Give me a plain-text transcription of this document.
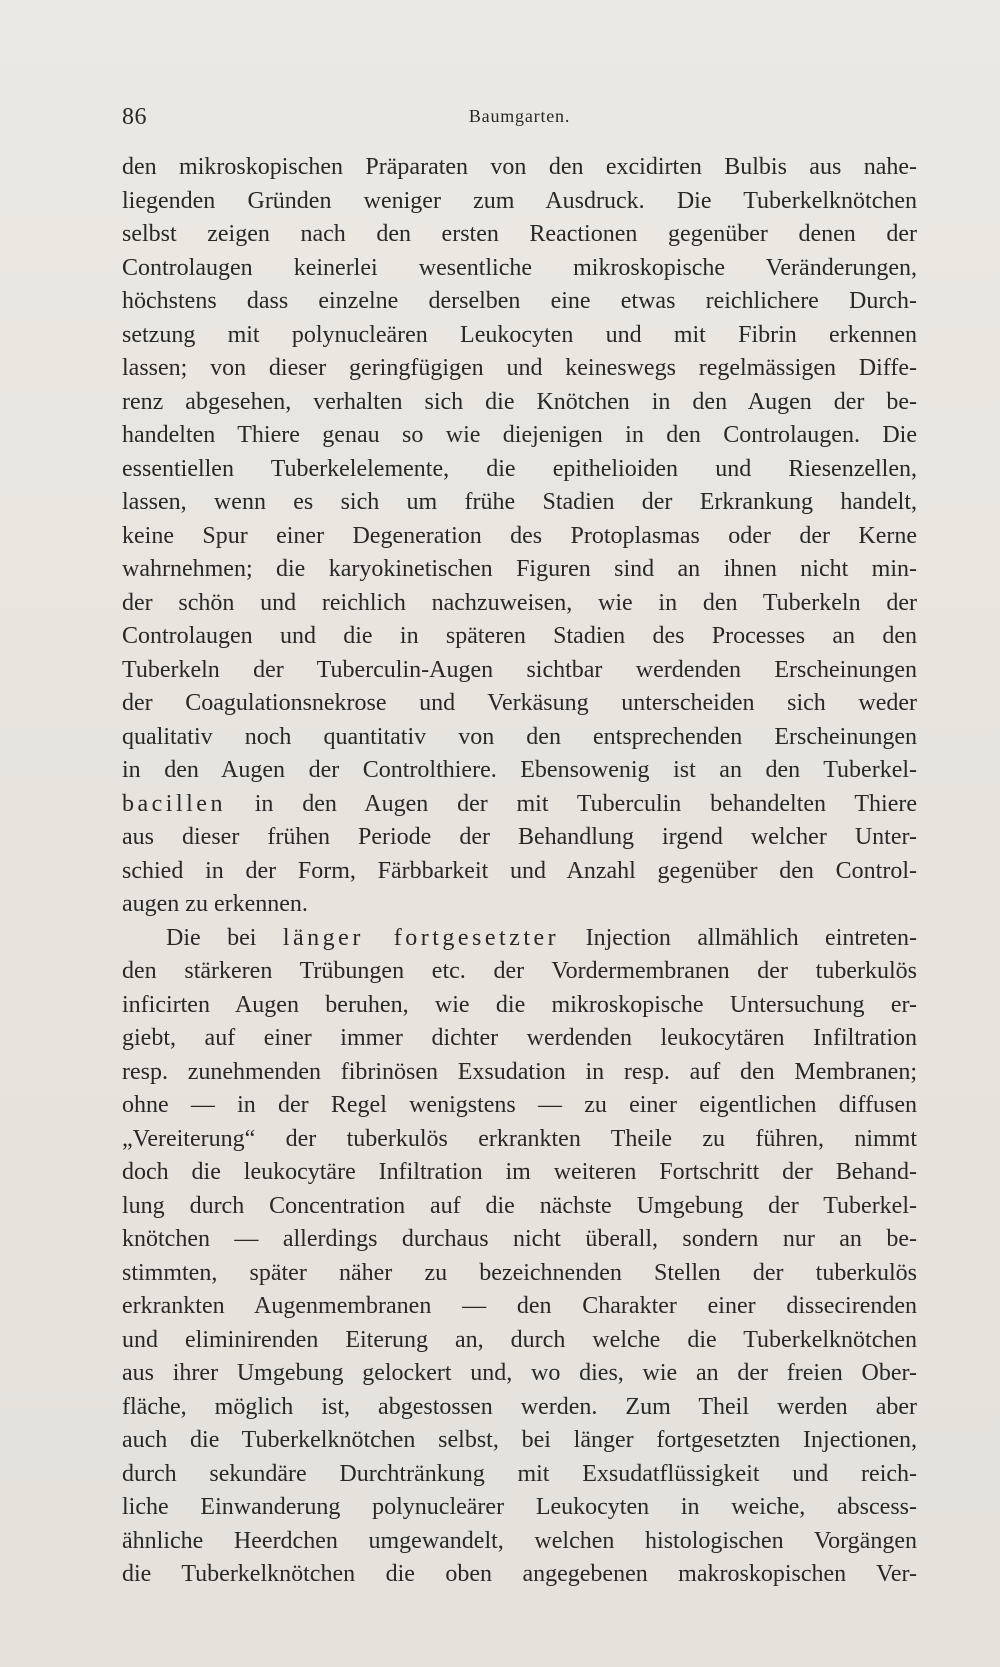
86	Baumgarten.
den mikroskopischen Präparaten von den excidirten Bulbis aus nahe-
liegenden Gründen weniger zum Ausdruck. Die Tuberkelknötchen
selbst zeigen nach den ersten Reactionen gegenüber denen der
Controlaugen keinerlei wesentliche mikroskopische Veränderungen,
höchstens dass einzelne derselben eine etwas reichlichere Durch-
setzung mit polynucleären Leukocyten und mit Fibrin erkennen
lassen; von dieser geringfügigen und keineswegs regelmässigen Diffe-
renz abgesehen, verhalten sich die Knötchen in den Augen der be-
handelten Thiere genau so wie diejenigen in den Controlaugen. Die
essentiellen Tuberkelelemente, die epithelioiden und Riesenzellen,
lassen, wenn es sich um frühe Stadien der Erkrankung handelt,
keine Spur einer Degeneration des Protoplasmas oder der Kerne
wahrnehmen; die karyokinetischen Figuren sind an ihnen nicht min-
der schön und reichlich nachzuweisen, wie in den Tuberkeln der
Controlaugen und die in späteren Stadien des Processes an den
Tuberkeln der Tuberculin-Augen sichtbar werdenden Erscheinungen
der Coagulationsnekrose und Verkäsung unterscheiden sich weder
qualitativ noch quantitativ von den entsprechenden Erscheinungen
in den Augen der Controlthiere. Ebensowenig ist an den Tuberkel-
bacillen in den Augen der mit Tuberculin behandelten Thiere
aus dieser frühen Periode der Behandlung irgend welcher Unter-
schied in der Form, Färbbarkeit und Anzahl gegenüber den Control-
augen zu erkennen.
Die bei länger fortgesetzter Injection allmählich eintreten-
den stärkeren Trübungen etc. der Vordermembranen der tuberkulös
inficirten Augen beruhen, wie die mikroskopische Untersuchung er-
giebt, auf einer immer dichter werdenden leukocytären Infiltration
resp. zunehmenden fibrinösen Exsudation in resp. auf den Membranen;
ohne — in der Regel wenigstens — zu einer eigentlichen diffusen
„Vereiterung“ der tuberkulös erkrankten Theile zu führen, nimmt
doch die leukocytäre Infiltration im weiteren Fortschritt der Behand-
lung durch Concentration auf die nächste Umgebung der Tuberkel-
knötchen — allerdings durchaus nicht überall, sondern nur an be-
stimmten, später näher zu bezeichnenden Stellen der tuberkulös
erkrankten Augenmembranen — den Charakter einer dissecirenden
und eliminirenden Eiterung an, durch welche die Tuberkelknötchen
aus ihrer Umgebung gelockert und, wo dies, wie an der freien Ober-
fläche, möglich ist, abgestossen werden. Zum Theil werden aber
auch die Tuberkelknötchen selbst, bei länger fortgesetzten Injectionen,
durch sekundäre Durchtränkung mit Exsudatflüssigkeit und reich-
liche Einwanderung polynucleärer Leukocyten in weiche, abscess-
ähnliche Heerdchen umgewandelt, welchen histologischen Vorgängen
die Tuberkelknötchen die oben angegebenen makroskopischen Ver-
